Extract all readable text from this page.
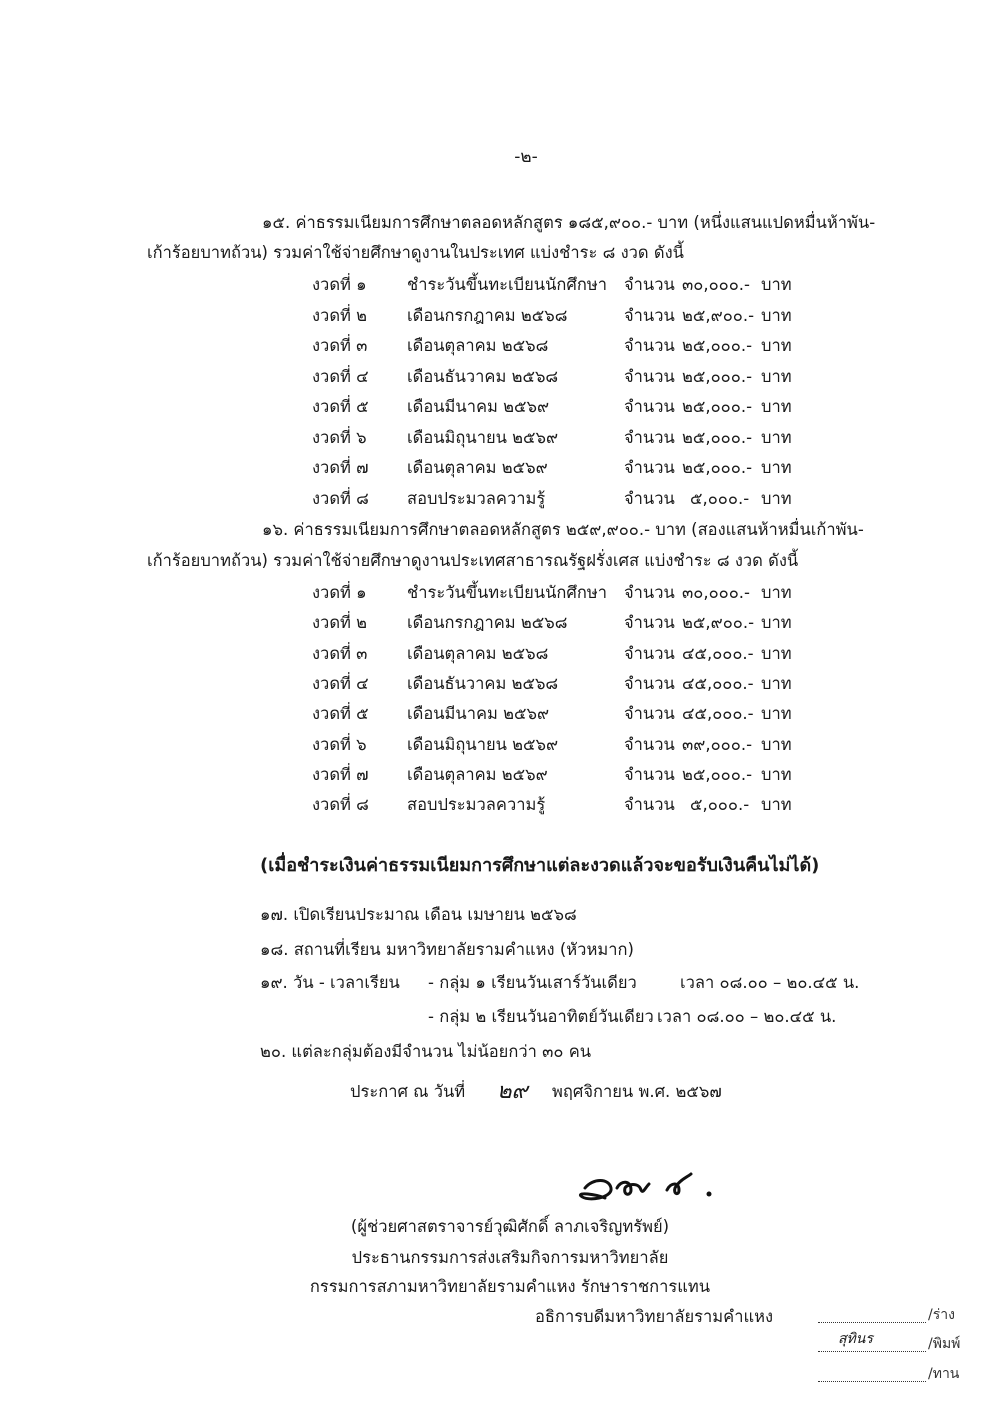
-๒-
๑๕. ค่าธรรมเนียมการศึกษาตลอดหลักสูตร ๑๘๕,๙๐๐.- บาท (หนึ่งแสนแปดหมื่นห้าพัน-
เก้าร้อยบาทถ้วน) รวมค่าใช้จ่ายศึกษาดูงานในประเทศ แบ่งชำระ ๘ งวด ดังนี้
งวดที่ ๑ ชำระวันขึ้นทะเบียนนักศึกษา จำนวน ๓๐,๐๐๐.- บาท
งวดที่ ๒ เดือนกรกฎาคม ๒๕๖๘	จำนวน ๒๕,๙๐๐.- บาท
งวดที่ ๓ เดือนตุลาคม ๒๕๖๘	จำนวน ๒๕,๐๐๐.- บาท
งวดที่ ๔ เดือนธันวาคม ๒๕๖๘	จำนวน ๒๕,๐๐๐.- บาท
งวดที่ ๕ เดือนมีนาคม ๒๕๖๙	จำนวน ๒๕,๐๐๐.- บาท
งวดที่ ๖ เดือนมิถุนายน ๒๕๖๙	จำนวน ๒๕,๐๐๐.- บาท
งวดที่ ๗ เดือนตุลาคม ๒๕๖๙	จำนวน ๒๕,๐๐๐.- บาท
งวดที่ ๘ สอบประมวลความรู้	จำนวน ๕,๐๐๐.- บาท
๑๖. ค่าธรรมเนียมการศึกษาตลอดหลักสูตร ๒๕๙,๙๐๐.- บาท (สองแสนห้าหมื่นเก้าพัน-
เก้าร้อยบาทถ้วน) รวมค่าใช้จ่ายศึกษาดูงานประเทศสาธารณรัฐฝรั่งเศส แบ่งชำระ ๘ งวด ดังนี้
งวดที่ ๑ ชำระวันขึ้นทะเบียนนักศึกษา จำนวน ๓๐,๐๐๐.- บาท
งวดที่ ๒ เดือนกรกฎาคม ๒๕๖๘	จำนวน ๒๕,๙๐๐.- บาท
งวดที่ ๓ เดือนตุลาคม ๒๕๖๘	จำนวน ๔๕,๐๐๐.- บาท
งวดที่ ๔ เดือนธันวาคม ๒๕๖๘	จำนวน ๔๕,๐๐๐.- บาท
งวดที่ ๕ เดือนมีนาคม ๒๕๖๙	จำนวน ๔๕,๐๐๐.- บาท
งวดที่ ๖ เดือนมิถุนายน ๒๕๖๙	จำนวน ๓๙,๐๐๐.- บาท
งวดที่ ๗ เดือนตุลาคม ๒๕๖๙	จำนวน ๒๕,๐๐๐.- บาท
งวดที่ ๘ สอบประมวลความรู้	จำนวน ๕,๐๐๐.- บาท
(เมื่อชำระเงินค่าธรรมเนียมการศึกษาแต่ละงวดแล้วจะขอรับเงินคืนไม่ได้)
๑๗. เปิดเรียนประมาณ เดือน เมษายน ๒๕๖๘
๑๘. สถานที่เรียน มหาวิทยาลัยรามคำแหง (หัวหมาก)
๑๙. วัน - เวลาเรียน - กลุ่ม ๑ เรียนวันเสาร์วันเดียว	เวลา ๐๘.๐๐ – ๒๐.๔๕ น.
- กลุ่ม ๒ เรียนวันอาทิตย์วันเดียว เวลา ๐๘.๐๐ – ๒๐.๔๕ น.
๒๐. แต่ละกลุ่มต้องมีจำนวน ไม่น้อยกว่า ๓๐ คน
ประกาศ ณ วันที่ ๒๙ พฤศจิกายน พ.ศ. ๒๕๖๗
(ผู้ช่วยศาสตราจารย์วุฒิศักดิ์ ลาภเจริญทรัพย์)
ประธานกรรมการส่งเสริมกิจการมหาวิทยาลัย
กรรมการสภามหาวิทยาลัยรามคำแหง รักษาราชการแทน
อธิการบดีมหาวิทยาลัยรามคำแหง	/ร่าง
สุทินร	/พิมพ์
/ทาน
